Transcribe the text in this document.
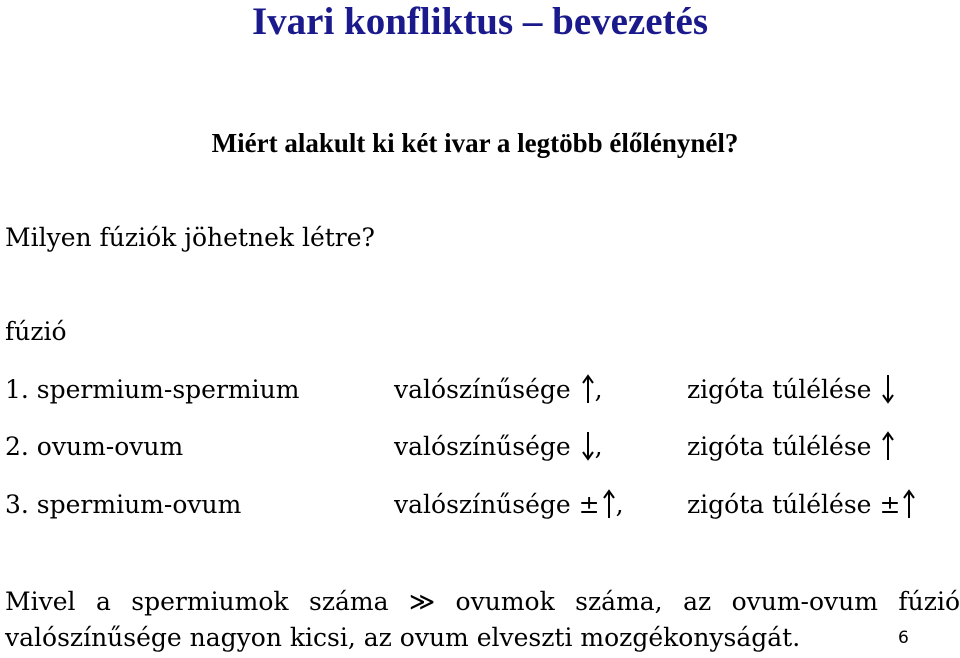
Ivari konfliktus – bevezetés
Miért alakult ki két ivar a legtöbb élőlénynél?
Milyen fúziók jöhetnek létre?
fúzió
1. spermium-spermium	valószínűsége ,	zigóta túlélése
2. ovum-ovum	valószínűsége ,	zigóta túlélése
3. spermium-ovum	valószínűsége ± ,	zigóta túlélése ±
Mivel a spermiumok száma ≫ ovumok száma, az ovum-ovum fúzió
valószínűsége nagyon kicsi, az ovum elveszti mozgékonyságát.	6
